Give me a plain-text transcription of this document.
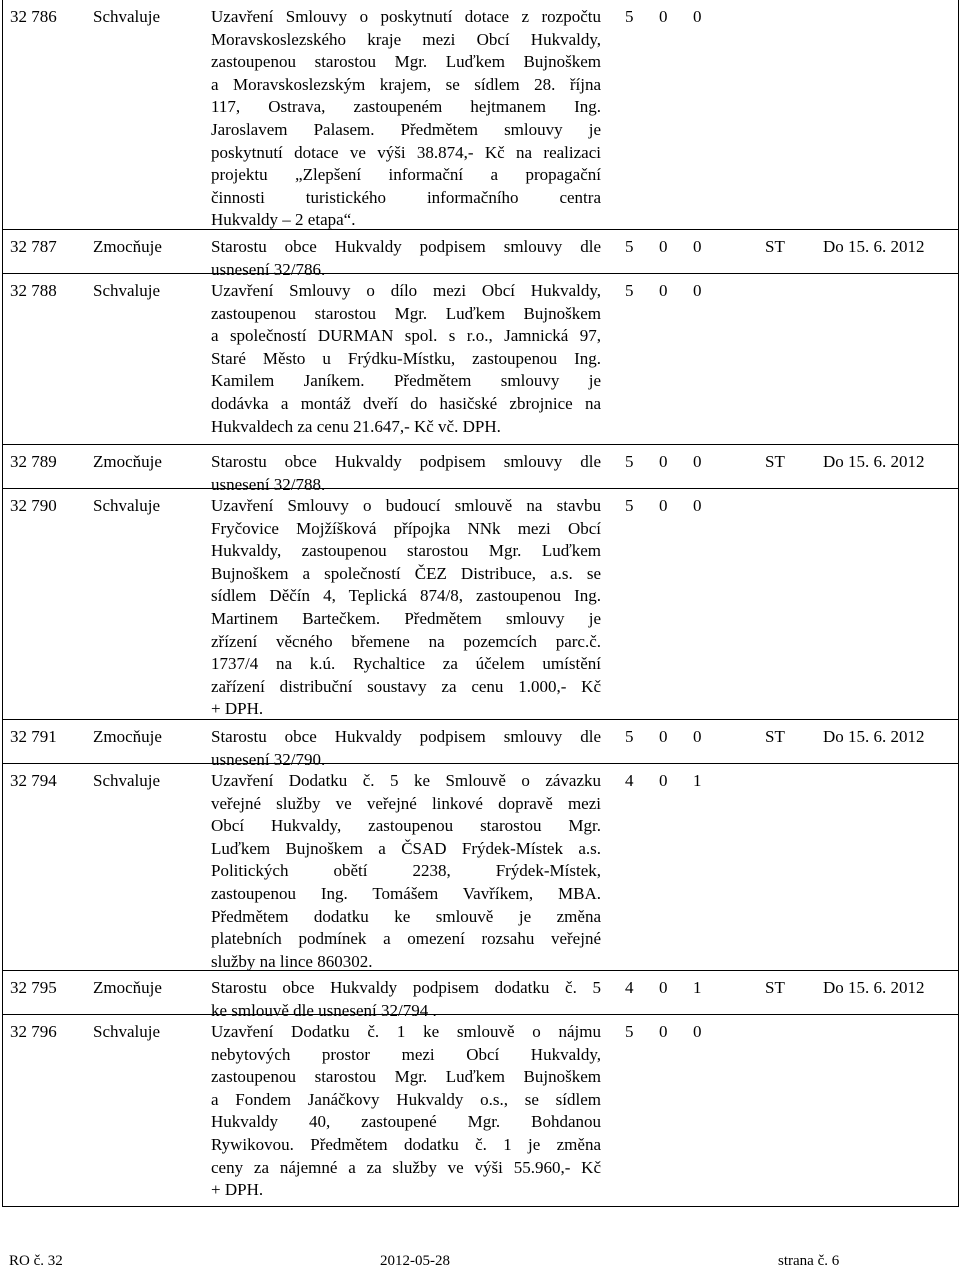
32 786 Schvaluje	Uzavření Smlouvy o poskytnutí dotace z rozpočtu
Moravskoslezského kraje mezi Obcí Hukvaldy,
zastoupenou starostou Mgr. Luďkem Bujnoškem
a Moravskoslezským krajem, se sídlem 28. října
117, Ostrava, zastoupeném hejtmanem Ing.
Jaroslavem Palasem. Předmětem smlouvy je
poskytnutí dotace ve výši 38.874,- Kč na realizaci
projektu „Zlepšení informační a propagační
činnosti turistického informačního centra
Hukvaldy – 2 etapa“.
5 0 0
32 787 Zmocňuje	Starostu obce Hukvaldy podpisem smlouvy dle
usnesení 32/786.
5 0 0	ST Do 15. 6. 2012
32 788 Schvaluje	Uzavření Smlouvy o dílo mezi Obcí Hukvaldy,
zastoupenou starostou Mgr. Luďkem Bujnoškem
a společností DURMAN spol. s r.o., Jamnická 97,
Staré Město u Frýdku-Místku, zastoupenou Ing.
Kamilem Janíkem. Předmětem smlouvy je
dodávka a montáž dveří do hasičské zbrojnice na
Hukvaldech za cenu 21.647,- Kč vč. DPH.
5 0 0
32 789 Zmocňuje	Starostu obce Hukvaldy podpisem smlouvy dle
usnesení 32/788.
5 0 0	ST Do 15. 6. 2012
32 790 Schvaluje	Uzavření Smlouvy o budoucí smlouvě na stavbu
Fryčovice Mojžíšková přípojka NNk mezi Obcí
Hukvaldy, zastoupenou starostou Mgr. Luďkem
Bujnoškem a společností ČEZ Distribuce, a.s. se
sídlem Děčín 4, Teplická 874/8, zastoupenou Ing.
Martinem Bartečkem. Předmětem smlouvy je
zřízení věcného břemene na pozemcích parc.č.
1737/4 na k.ú. Rychaltice za účelem umístění
zařízení distribuční soustavy za cenu 1.000,- Kč
+ DPH.
5 0 0
32 791 Zmocňuje	Starostu obce Hukvaldy podpisem smlouvy dle
usnesení 32/790.
5 0 0	ST Do 15. 6. 2012
32 794 Schvaluje	Uzavření Dodatku č. 5 ke Smlouvě o závazku
veřejné služby ve veřejné linkové dopravě mezi
Obcí Hukvaldy, zastoupenou starostou Mgr.
Luďkem Bujnoškem a ČSAD Frýdek-Místek a.s.
Politických obětí 2238, Frýdek-Místek,
zastoupenou Ing. Tomášem Vavříkem, MBA.
Předmětem dodatku ke smlouvě je změna
platebních podmínek a omezení rozsahu veřejné
služby na lince 860302.
4 0 1
32 795 Zmocňuje	Starostu obce Hukvaldy podpisem dodatku č. 5
ke smlouvě dle usnesení 32/794 .
4 0 1	ST Do 15. 6. 2012
32 796 Schvaluje	Uzavření Dodatku č. 1 ke smlouvě o nájmu
nebytových prostor mezi Obcí Hukvaldy,
zastoupenou starostou Mgr. Luďkem Bujnoškem
a Fondem Janáčkovy Hukvaldy o.s., se sídlem
Hukvaldy 40, zastoupené Mgr. Bohdanou
Rywikovou. Předmětem dodatku č. 1 je změna
ceny za nájemné a za služby ve výši 55.960,- Kč
+ DPH.
5 0 0
RO č. 32	2012-05-28	strana č. 6
